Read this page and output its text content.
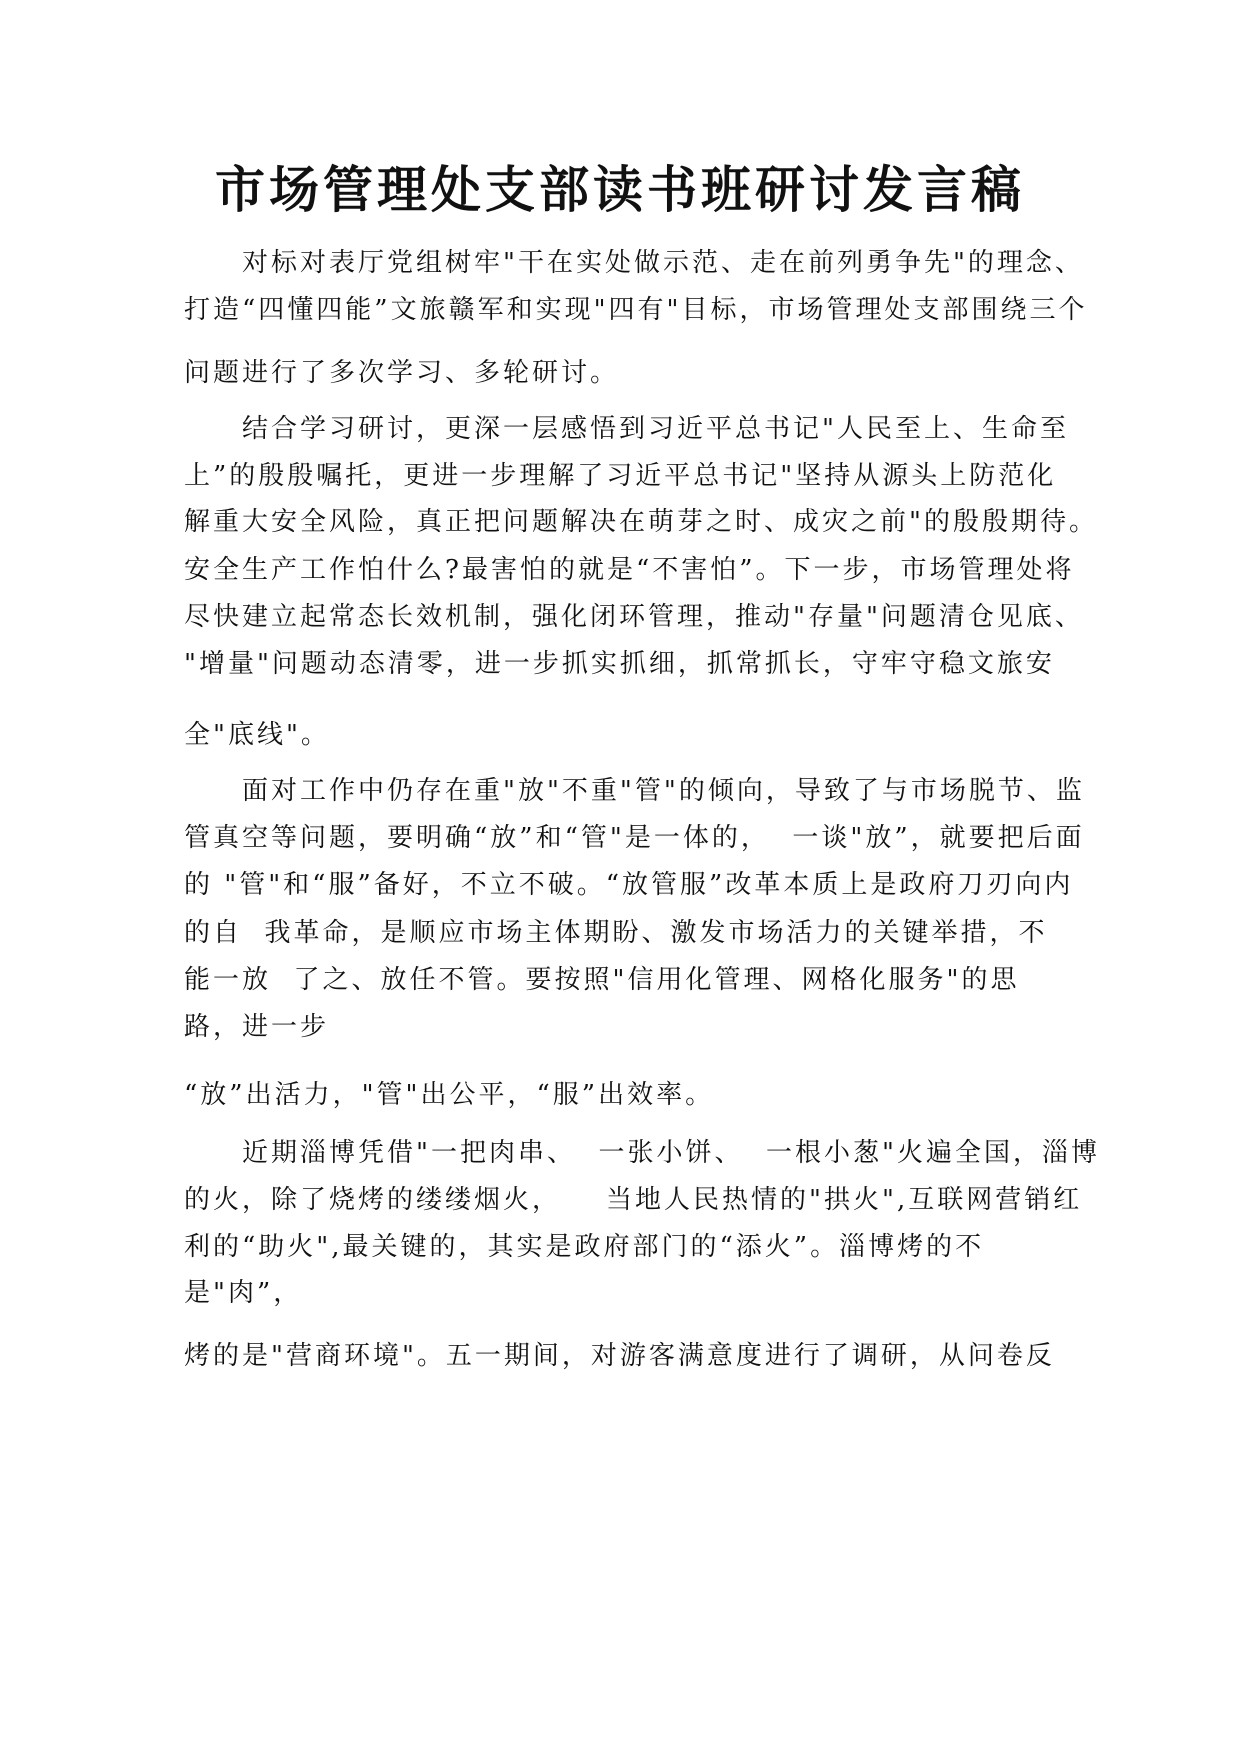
市场管理处支部读书班研讨发言稿
对标对表厅党组树牢"干在实处做示范、走在前列勇争先"的理念、
打造“四懂四能”文旅赣军和实现"四有"目标，市场管理处支部围绕三个
问题进行了多次学习、多轮研讨。
结合学习研讨，更深一层感悟到习近平总书记"人民至上、生命至
上”的殷殷嘱托，更进一步理解了习近平总书记"坚持从源头上防范化
解重大安全风险，真正把问题解决在萌芽之时、成灾之前"的殷殷期待。
安全生产工作怕什么?最害怕的就是“不害怕”。下一步，市场管理处将
尽快建立起常态长效机制，强化闭环管理，推动"存量"问题清仓见底、
"增量"问题动态清零，进一步抓实抓细，抓常抓长，守牢守稳文旅安
全"底线"。
面对工作中仍存在重"放"不重"管"的倾向，导致了与市场脱节、监
管真空等问题，要明确“放”和“管"是一体的，  一谈"放”，就要把后面
的 "管"和“服”备好，不立不破。“放管服”改革本质上是政府刀刃向内
的自  我革命，是顺应市场主体期盼、激发市场活力的关键举措，不
能一放  了之、放任不管。要按照"信用化管理、网格化服务"的思
路，进一步
“放”出活力，"管"出公平，“服”出效率。
近期淄博凭借"一把肉串、  一张小饼、  一根小葱"火遍全国，淄博
的火，除了烧烤的缕缕烟火，    当地人民热情的"拱火",互联网营销红
利的“助火",最关键的，其实是政府部门的“添火”。淄博烤的不
是"肉”，
烤的是"营商环境"。五一期间，对游客满意度进行了调研，从问卷反
